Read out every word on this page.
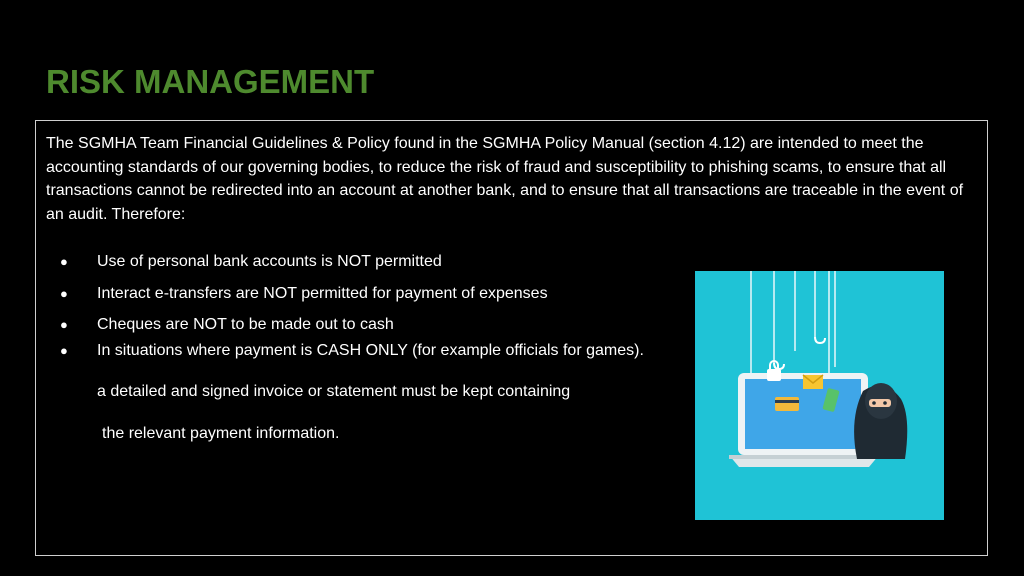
RISK MANAGEMENT

The SGMHA Team Financial Guidelines & Policy found in the SGMHA Policy Manual (section 4.12) are intended to meet the accounting standards of our governing bodies, to reduce the risk of fraud and susceptibility to phishing scams, to ensure that all transactions cannot be redirected into an account at another bank, and to ensure that all transactions are traceable in the event of an audit. Therefore:

● Use of personal bank accounts is NOT permitted
● Interact e-transfers are NOT permitted for payment of expenses
● Cheques are NOT to be made out to cash
● In situations where payment is CASH ONLY (for example officials for games).

a detailed and signed invoice or statement must be kept containing

the relevant payment information.
